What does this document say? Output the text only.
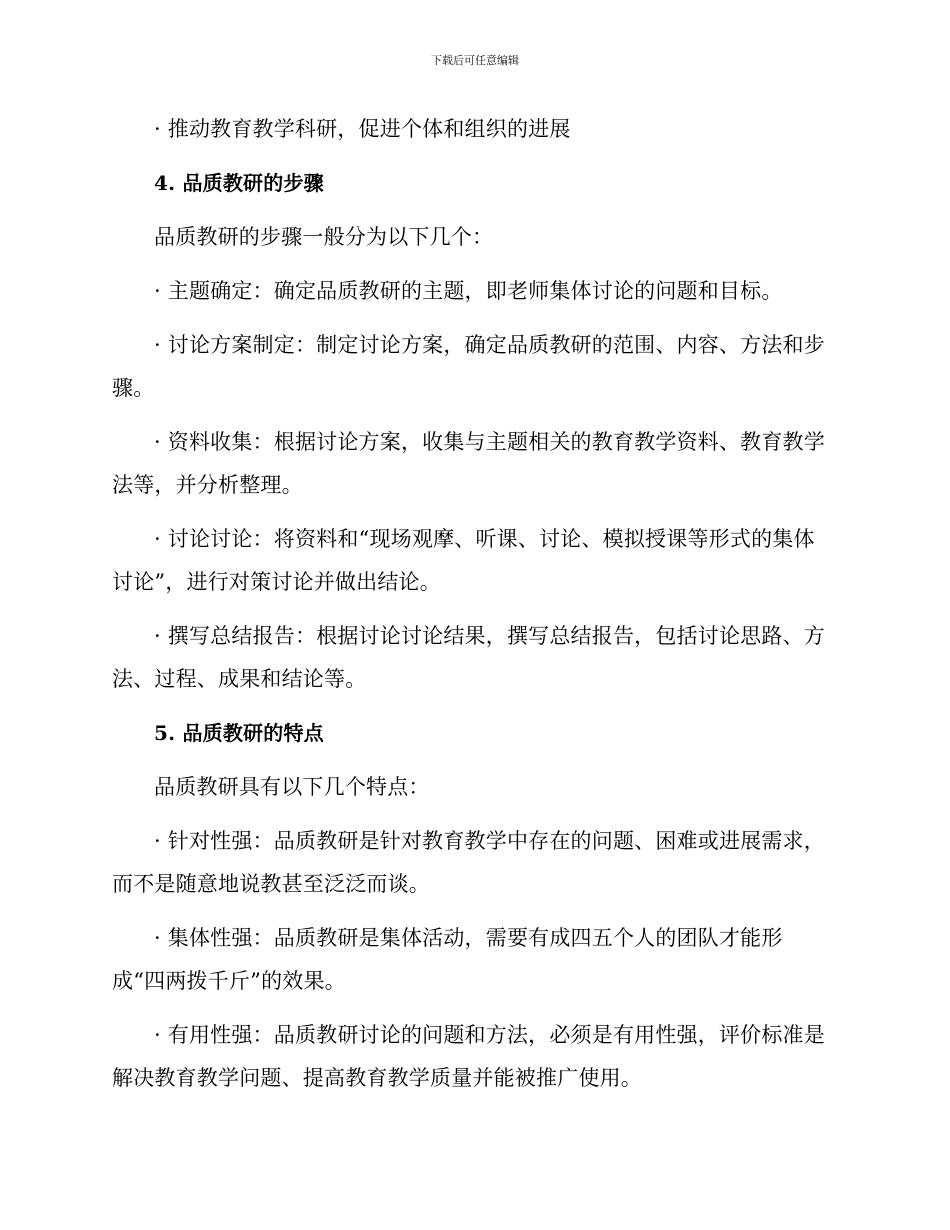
下载后可任意编辑
· 推动教育教学科研，促进个体和组织的进展
4. 品质教研的步骤
品质教研的步骤一般分为以下几个：
· 主题确定：确定品质教研的主题，即老师集体讨论的问题和目标。
· 讨论方案制定：制定讨论方案，确定品质教研的范围、内容、方法和步骤。
· 资料收集：根据讨论方案，收集与主题相关的教育教学资料、教育教学法等，并分析整理。
· 讨论讨论：将资料和“现场观摩、听课、讨论、模拟授课等形式的集体讨论”，进行对策讨论并做出结论。
· 撰写总结报告：根据讨论讨论结果，撰写总结报告，包括讨论思路、方法、过程、成果和结论等。
5. 品质教研的特点
品质教研具有以下几个特点：
· 针对性强：品质教研是针对教育教学中存在的问题、困难或进展需求，而不是随意地说教甚至泛泛而谈。
· 集体性强：品质教研是集体活动，需要有成四五个人的团队才能形成“四两拨千斤”的效果。
· 有用性强：品质教研讨论的问题和方法，必须是有用性强，评价标准是解决教育教学问题、提高教育教学质量并能被推广使用。
